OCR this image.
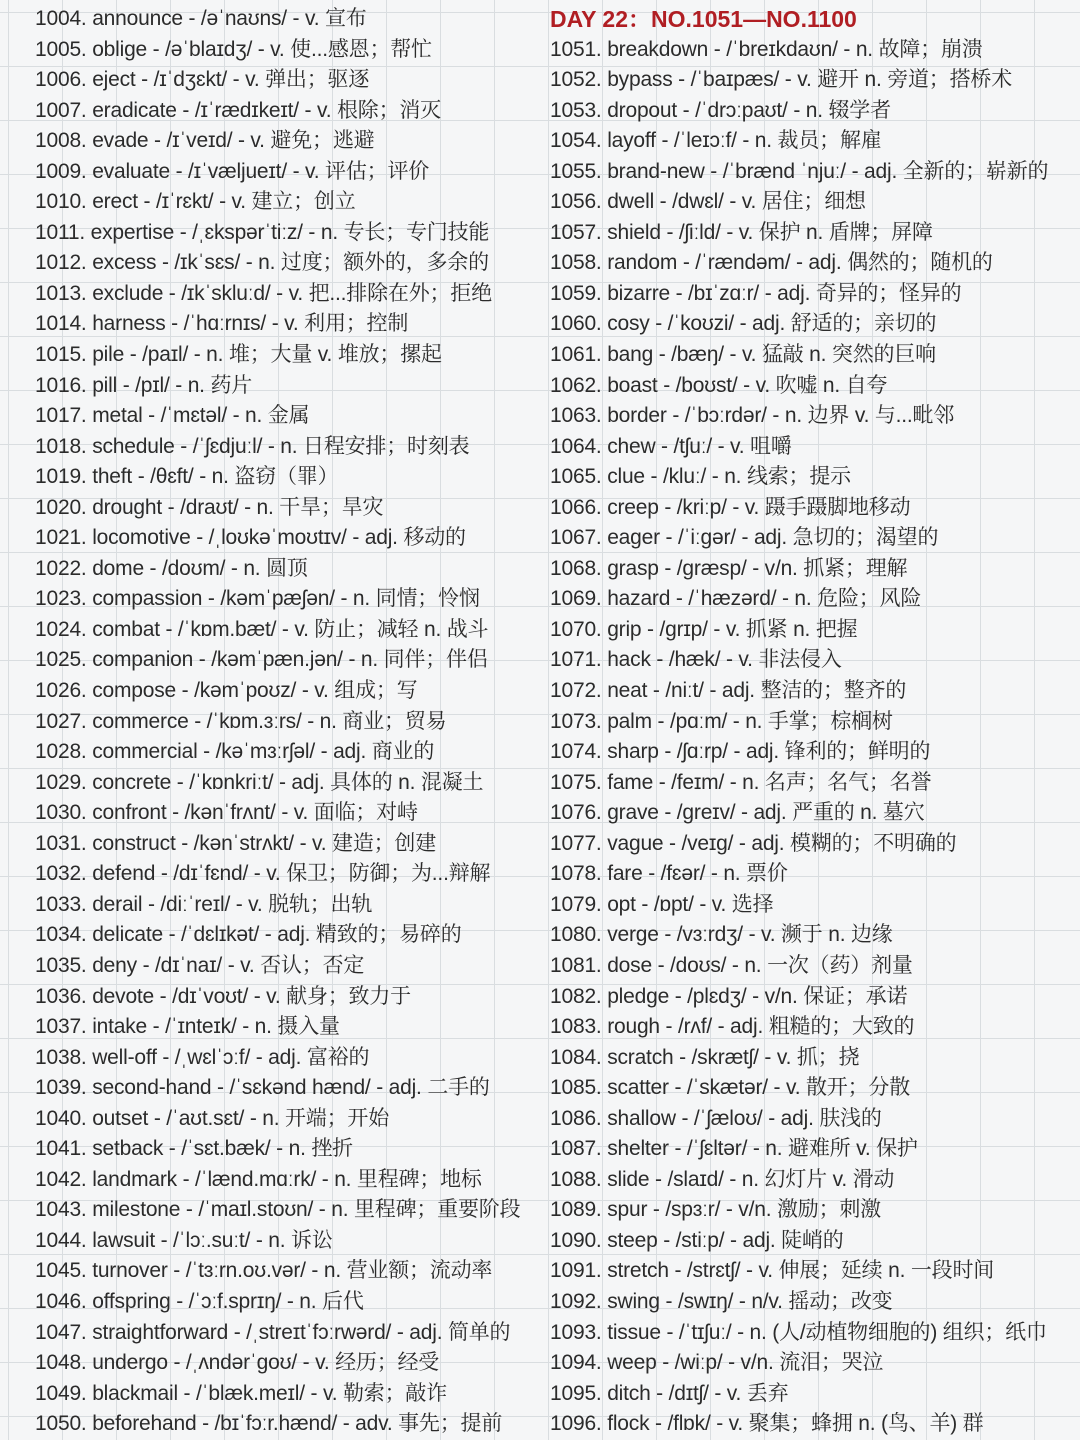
1004. announce - /əˈnaʊns/ - v. 宣布
1005. oblige - /əˈblaɪdʒ/ - v. 使...感恩；帮忙
1006. eject - /ɪˈdʒɛkt/ - v. 弹出；驱逐
1007. eradicate - /ɪˈrædɪkeɪt/ - v. 根除；消灭
1008. evade - /ɪˈveɪd/ - v. 避免；逃避
1009. evaluate - /ɪˈvæljueɪt/ - v. 评估；评价
1010. erect - /ɪˈrɛkt/ - v. 建立；创立
1011. expertise - /ˌɛkspərˈtiːz/ - n. 专长；专门技能
1012. excess - /ɪkˈsɛs/ - n. 过度；额外的，多余的
1013. exclude - /ɪkˈskluːd/ - v. 把...排除在外；拒绝
1014. harness - /ˈhɑːrnɪs/ - v. 利用；控制
1015. pile - /paɪl/ - n. 堆；大量 v. 堆放；摞起
1016. pill - /pɪl/ - n. 药片
1017. metal - /ˈmɛtəl/ - n. 金属
1018. schedule - /ˈʃɛdjuːl/ - n. 日程安排；时刻表
1019. theft - /θɛft/ - n. 盗窃（罪）
1020. drought - /draʊt/ - n. 干旱；旱灾
1021. locomotive - /ˌloʊkəˈmoʊtɪv/ - adj. 移动的
1022. dome - /doʊm/ - n. 圆顶
1023. compassion - /kəmˈpæʃən/ - n. 同情；怜悯
1024. combat - /ˈkɒm.bæt/ - v. 防止；减轻 n. 战斗
1025. companion - /kəmˈpæn.jən/ - n. 同伴；伴侣
1026. compose - /kəmˈpoʊz/ - v. 组成；写
1027. commerce - /ˈkɒm.ɜːrs/ - n. 商业；贸易
1028. commercial - /kəˈmɜːrʃəl/ - adj. 商业的
1029. concrete - /ˈkɒnkriːt/ - adj. 具体的 n. 混凝土
1030. confront - /kənˈfrʌnt/ - v. 面临；对峙
1031. construct - /kənˈstrʌkt/ - v. 建造；创建
1032. defend - /dɪˈfɛnd/ - v. 保卫；防御；为...辩解
1033. derail - /diːˈreɪl/ - v. 脱轨；出轨
1034. delicate - /ˈdɛlɪkət/ - adj. 精致的；易碎的
1035. deny - /dɪˈnaɪ/ - v. 否认；否定
1036. devote - /dɪˈvoʊt/ - v. 献身；致力于
1037. intake - /ˈɪnteɪk/ - n. 摄入量
1038. well-off - /ˌwɛlˈɔːf/ - adj. 富裕的
1039. second-hand - /ˈsɛkənd hænd/ - adj. 二手的
1040. outset - /ˈaʊt.sɛt/ - n. 开端；开始
1041. setback - /ˈsɛt.bæk/ - n. 挫折
1042. landmark - /ˈlænd.mɑːrk/ - n. 里程碑；地标
1043. milestone - /ˈmaɪl.stoʊn/ - n. 里程碑；重要阶段
1044. lawsuit - /ˈlɔː.suːt/ - n. 诉讼
1045. turnover - /ˈtɜːrn.oʊ.vər/ - n. 营业额；流动率
1046. offspring - /ˈɔːf.sprɪŋ/ - n. 后代
1047. straightforward - /ˌstreɪtˈfɔːrwərd/ - adj. 简单的
1048. undergo - /ˌʌndərˈgoʊ/ - v. 经历；经受
1049. blackmail - /ˈblæk.meɪl/ - v. 勒索；敲诈
1050. beforehand - /bɪˈfɔːr.hænd/ - adv. 事先；提前
DAY 22：NO.1051—NO.1100
1051. breakdown - /ˈbreɪkdaʊn/ - n. 故障；崩溃
1052. bypass - /ˈbaɪpæs/ - v. 避开 n. 旁道；搭桥术
1053. dropout - /ˈdrɔːpaʊt/ - n. 辍学者
1054. layoff - /ˈleɪɔːf/ - n. 裁员；解雇
1055. brand-new - /ˈbrænd ˈnjuː/ - adj. 全新的；崭新的
1056. dwell - /dwɛl/ - v. 居住；细想
1057. shield - /ʃiːld/ - v. 保护 n. 盾牌；屏障
1058. random - /ˈrændəm/ - adj. 偶然的；随机的
1059. bizarre - /bɪˈzɑːr/ - adj. 奇异的；怪异的
1060. cosy - /ˈkoʊzi/ - adj. 舒适的；亲切的
1061. bang - /bæŋ/ - v. 猛敲 n. 突然的巨响
1062. boast - /boʊst/ - v. 吹嘘 n. 自夸
1063. border - /ˈbɔːrdər/ - n. 边界 v. 与...毗邻
1064. chew - /tʃuː/ - v. 咀嚼
1065. clue - /kluː/ - n. 线索；提示
1066. creep - /kriːp/ - v. 蹑手蹑脚地移动
1067. eager - /ˈiːgər/ - adj. 急切的；渴望的
1068. grasp - /græsp/ - v/n. 抓紧；理解
1069. hazard - /ˈhæzərd/ - n. 危险；风险
1070. grip - /grɪp/ - v. 抓紧 n. 把握
1071. hack - /hæk/ - v. 非法侵入
1072. neat - /niːt/ - adj. 整洁的；整齐的
1073. palm - /pɑːm/ - n. 手掌；棕榈树
1074. sharp - /ʃɑːrp/ - adj. 锋利的；鲜明的
1075. fame - /feɪm/ - n. 名声；名气；名誉
1076. grave - /greɪv/ - adj. 严重的 n. 墓穴
1077. vague - /veɪg/ - adj. 模糊的；不明确的
1078. fare - /fɛər/ - n. 票价
1079. opt - /ɒpt/ - v. 选择
1080. verge - /vɜːrdʒ/ - v. 濒于 n. 边缘
1081. dose - /doʊs/ - n. 一次（药）剂量
1082. pledge - /plɛdʒ/ - v/n. 保证；承诺
1083. rough - /rʌf/ - adj. 粗糙的；大致的
1084. scratch - /skrætʃ/ - v. 抓；挠
1085. scatter - /ˈskætər/ - v. 散开；分散
1086. shallow - /ˈʃæloʊ/ - adj. 肤浅的
1087. shelter - /ˈʃɛltər/ - n. 避难所 v. 保护
1088. slide - /slaɪd/ - n. 幻灯片 v. 滑动
1089. spur - /spɜːr/ - v/n. 激励；刺激
1090. steep - /stiːp/ - adj. 陡峭的
1091. stretch - /strɛtʃ/ - v. 伸展；延续 n. 一段时间
1092. swing - /swɪŋ/ - n/v. 摇动；改变
1093. tissue - /ˈtɪʃuː/ - n. (人/动植物细胞的) 组织；纸巾
1094. weep - /wiːp/ - v/n. 流泪；哭泣
1095. ditch - /dɪtʃ/ - v. 丢弃
1096. flock - /flɒk/ - v. 聚集；蜂拥 n. (鸟、羊) 群
